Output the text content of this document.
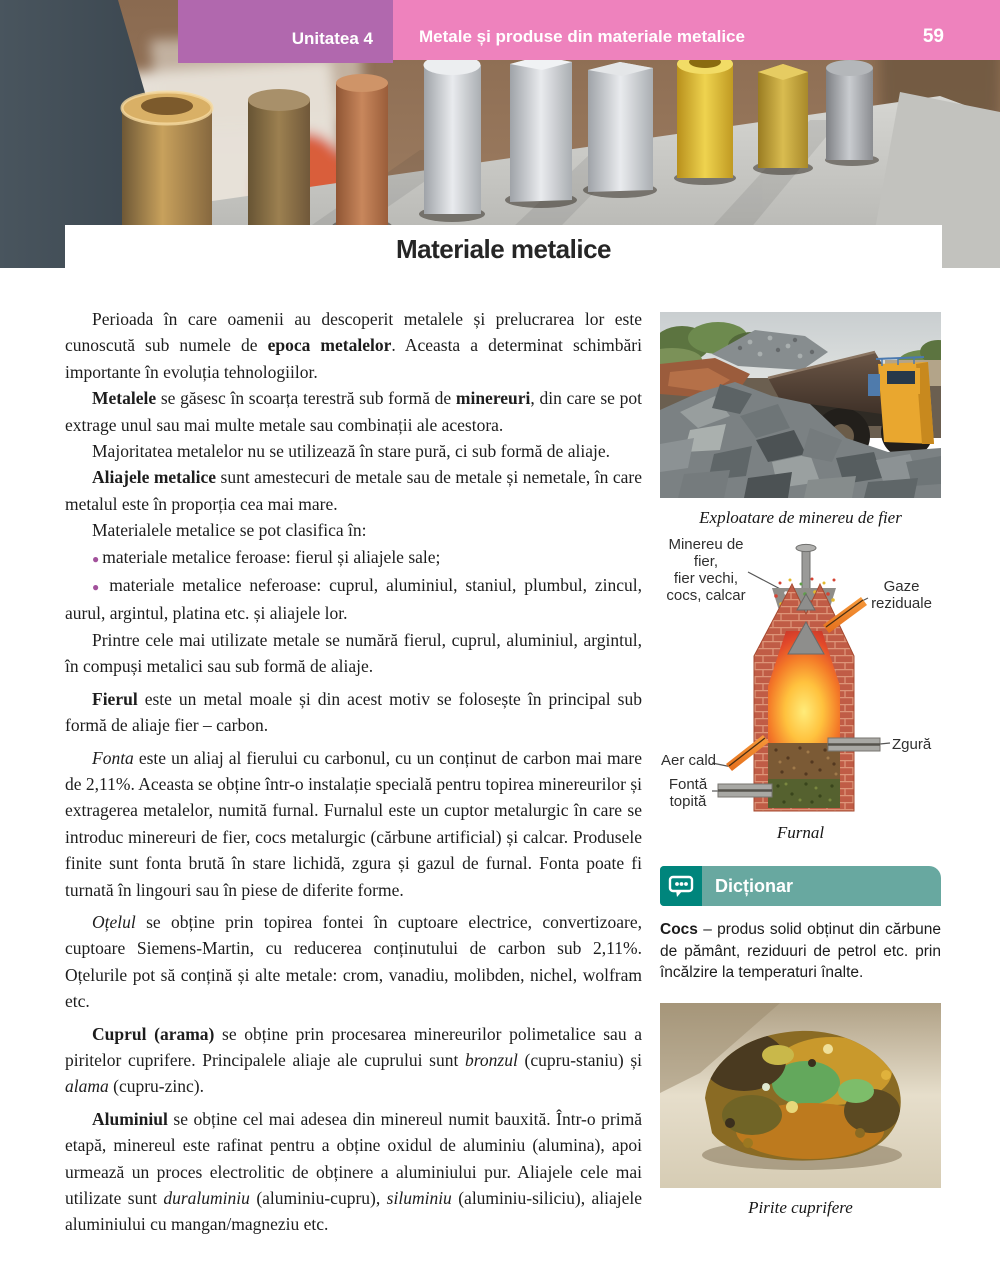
Unitatea 4	Metale și produse din materiale metalice	59
Materiale metalice

Perioada în care oamenii au descoperit metalele și prelucrarea lor este cunoscută sub numele de epoca metalelor. Aceasta a determinat schimbări importante în evoluția tehnologiilor.

Metalele se găsesc în scoarța terestră sub formă de minereuri, din care se pot extrage unul sau mai multe metale sau combinații ale acestora.

Majoritatea metalelor nu se utilizează în stare pură, ci sub formă de aliaje.

Aliajele metalice sunt amestecuri de metale sau de metale și nemetale, în care metalul este în proporția cea mai mare.

Materialele metalice se pot clasifica în:

● materiale metalice feroase: fierul și aliajele sale;

● materiale metalice neferoase: cuprul, aluminiul, staniul, plumbul, zincul, aurul, argintul, platina etc. și aliajele lor.

Printre cele mai utilizate metale se numără fierul, cuprul, aluminiul, argintul, în compuși metalici sau sub formă de aliaje.

Fierul este un metal moale și din acest motiv se folosește în principal sub formă de aliaje fier – carbon.

Fonta este un aliaj al fierului cu carbonul, cu un conținut de carbon mai mare de 2,11%. Aceasta se obține într-o instalație specială pentru topirea minereurilor și extragerea metalelor, numită furnal. Furnalul este un cuptor metalurgic în care se introduc minereuri de fier, cocs metalurgic (cărbune artificial) și calcar. Produsele finite sunt fonta brută în stare lichidă, zgura și gazul de furnal. Fonta poate fi turnată în lingouri sau în piese de diferite forme.

Oțelul se obține prin topirea fontei în cuptoare electrice, convertizoare, cuptoare Siemens-Martin, cu reducerea conținutului de carbon sub 2,11%. Oțelurile pot să conțină și alte metale: crom, vanadiu, molibden, nichel, wolfram etc.

Cuprul (arama) se obține prin procesarea minereurilor polimetalice sau a piritelor cuprifere. Principalele aliaje ale cuprului sunt bronzul (cupru-staniu) și alama (cupru-zinc).

Aluminiul se obține cel mai adesea din minereul numit bauxită. Într-o primă etapă, minereul este rafinat pentru a obține oxidul de aluminiu (alumina), apoi urmează un proces electrolitic de obținere a aluminiului pur. Aliajele cele mai utilizate sunt duraluminiu (aluminiu-cupru), siluminiu (aluminiu-siliciu), aliajele aluminiului cu mangan/magneziu etc.

Exploatare de minereu de fier
Minereu de
fier,
fier vechi,
cocs, calcar
Gaze
reziduale
Aer cald
Zgură
Fontă
topită
Furnal
Dicționar

Cocs – produs solid obținut din cărbune de pământ, reziduuri de petrol etc. prin încălzire la temperaturi înalte.

Pirite cuprifere
